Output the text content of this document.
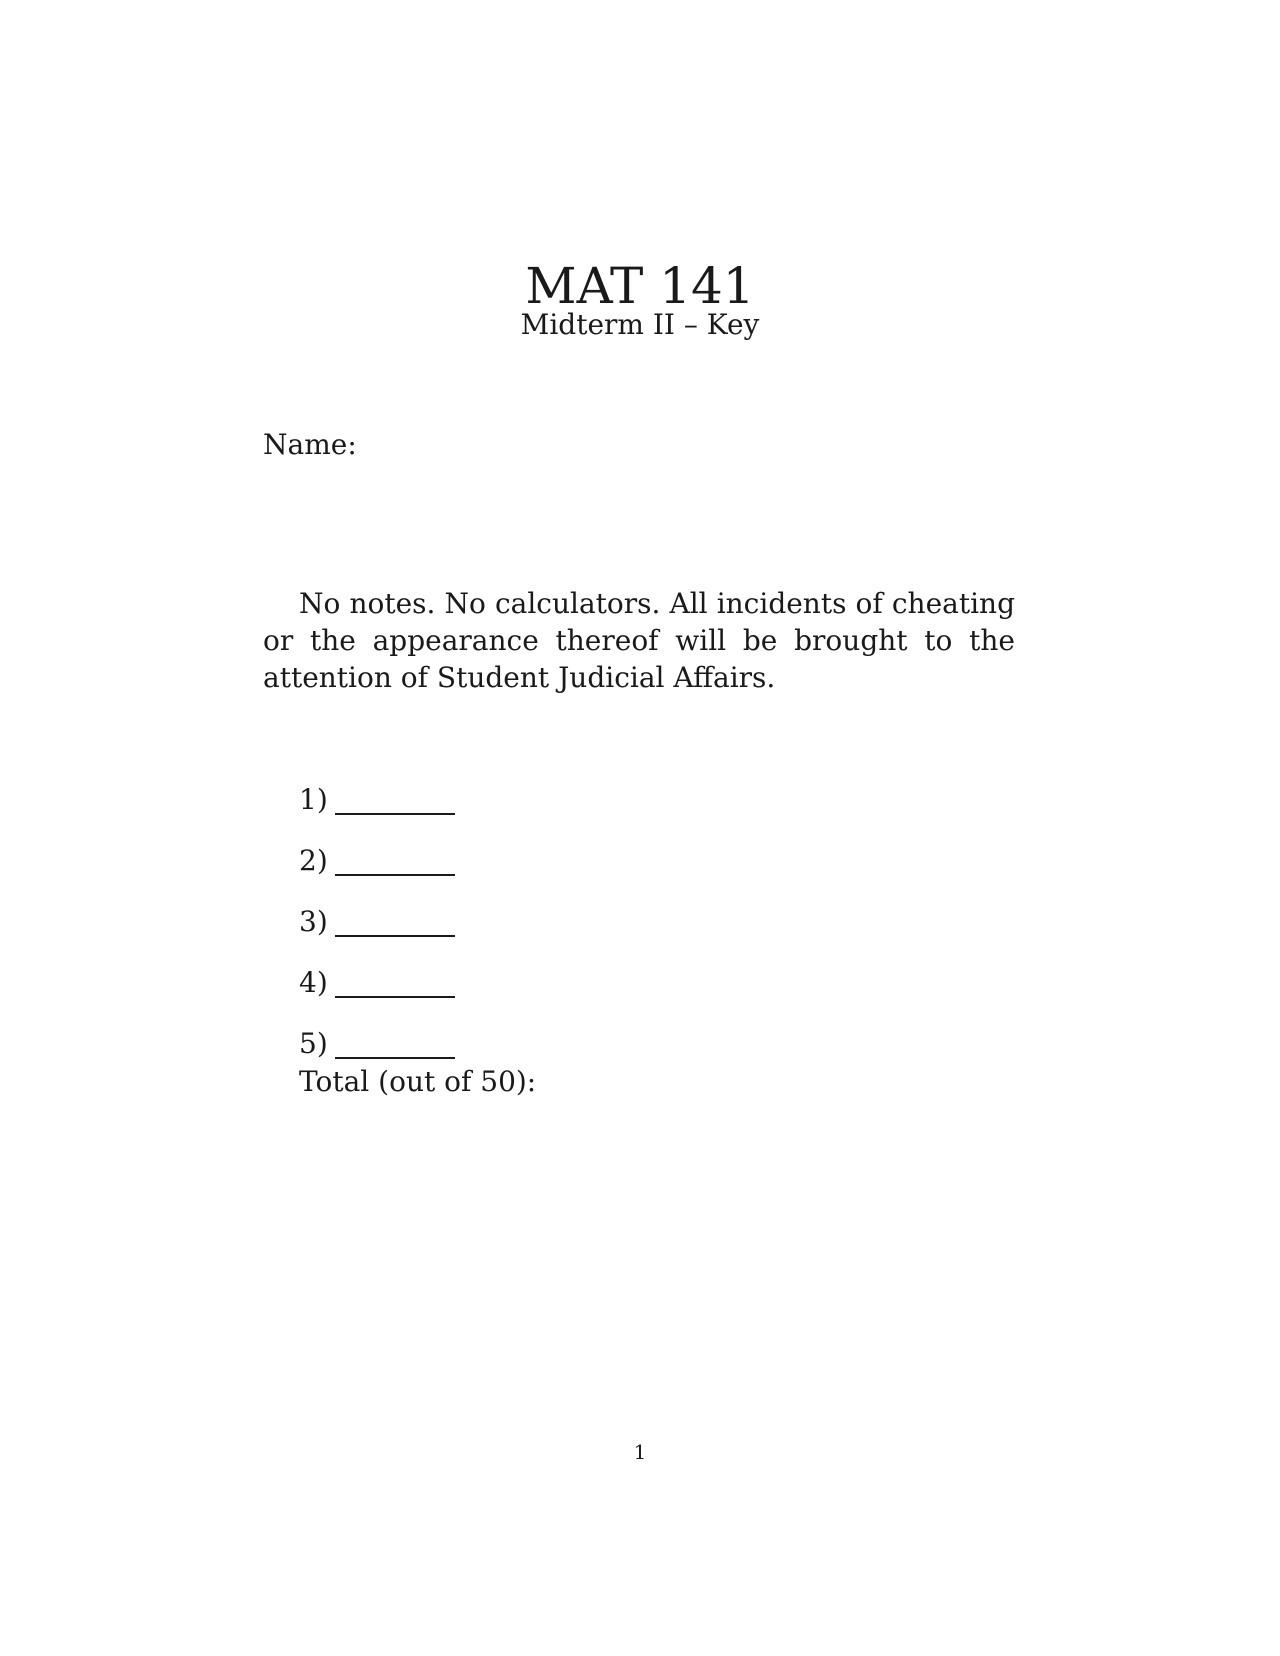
MAT 141
Midterm II – Key
Name:

No notes. No calculators. All incidents of cheating or the appearance thereof will be brought to the attention of Student Judicial Affairs.

1)
2)
3)
4)
5)
Total (out of 50):
1
